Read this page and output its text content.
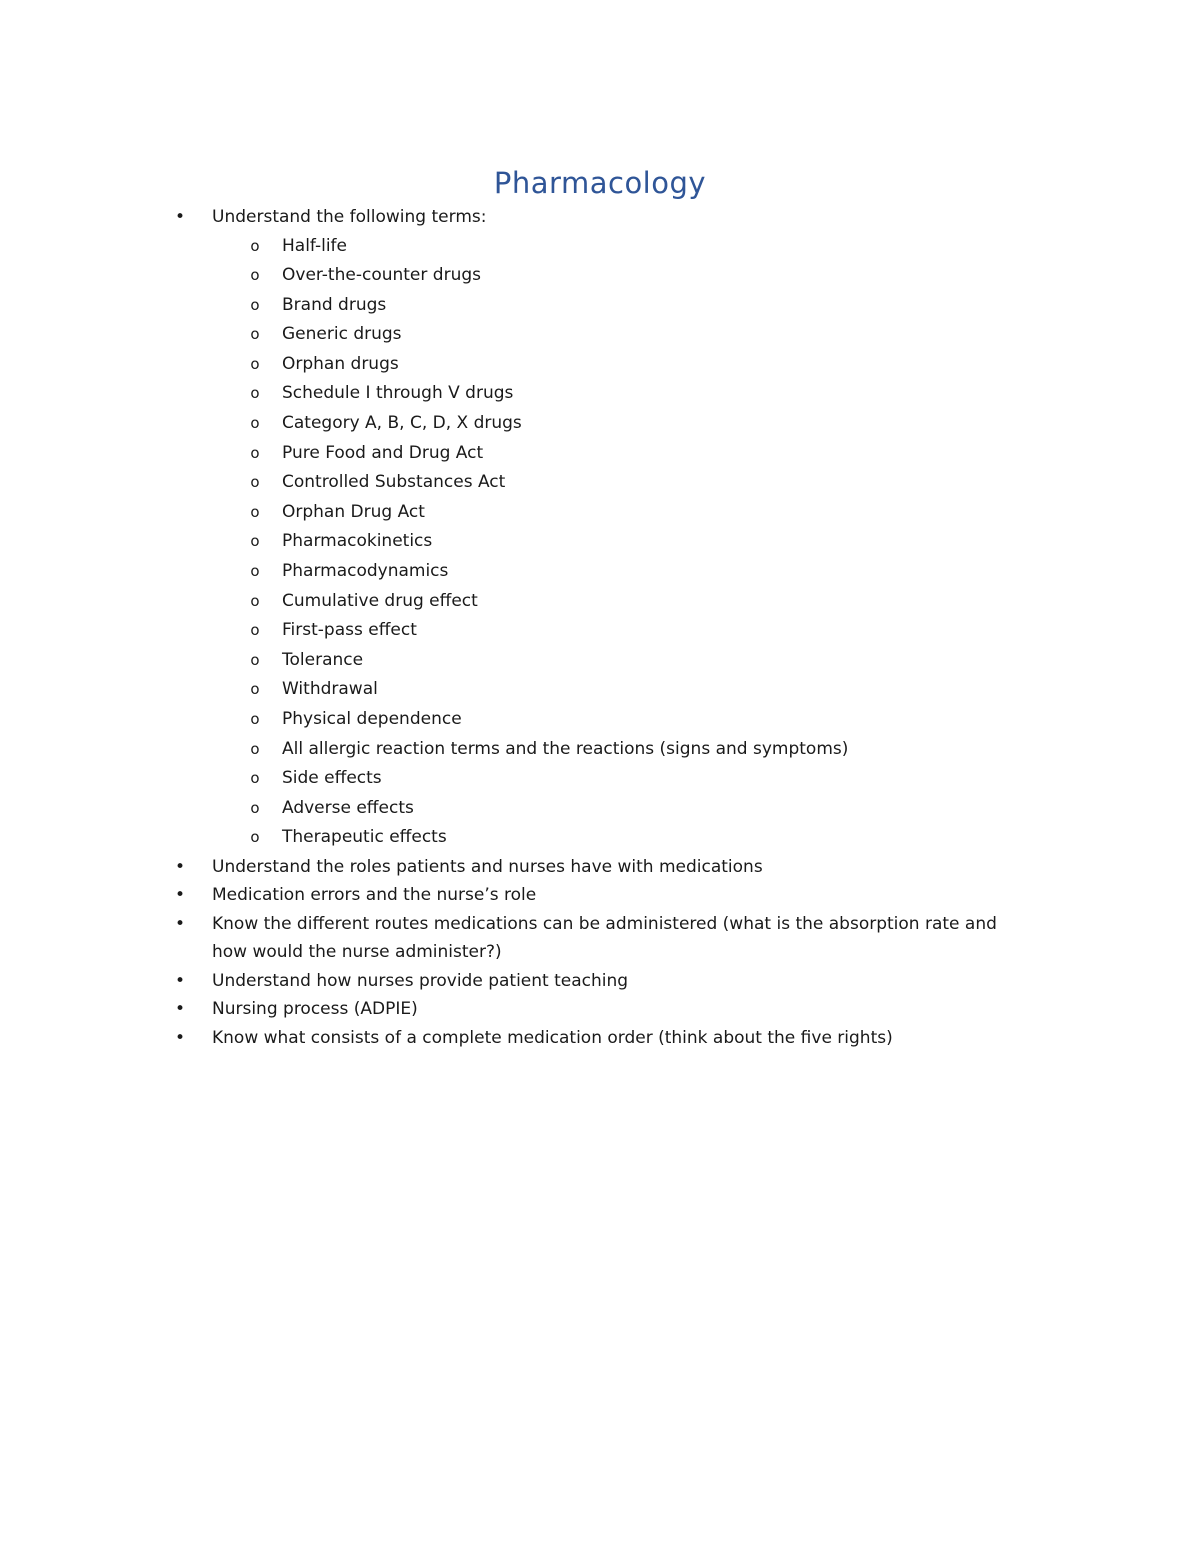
Pharmacology
• Understand the following terms:
o Half-life
o Over-the-counter drugs
o Brand drugs
o Generic drugs
o Orphan drugs
o Schedule I through V drugs
o Category A, B, C, D, X drugs
o Pure Food and Drug Act
o Controlled Substances Act
o Orphan Drug Act
o Pharmacokinetics
o Pharmacodynamics
o Cumulative drug effect
o First-pass effect
o Tolerance
o Withdrawal
o Physical dependence
o All allergic reaction terms and the reactions (signs and symptoms)
o Side effects
o Adverse effects
o Therapeutic effects
• Understand the roles patients and nurses have with medications
• Medication errors and the nurse’s role
• Know the different routes medications can be administered (what is the absorption rate and how would the nurse administer?)
• Understand how nurses provide patient teaching
• Nursing process (ADPIE)
• Know what consists of a complete medication order (think about the five rights)
